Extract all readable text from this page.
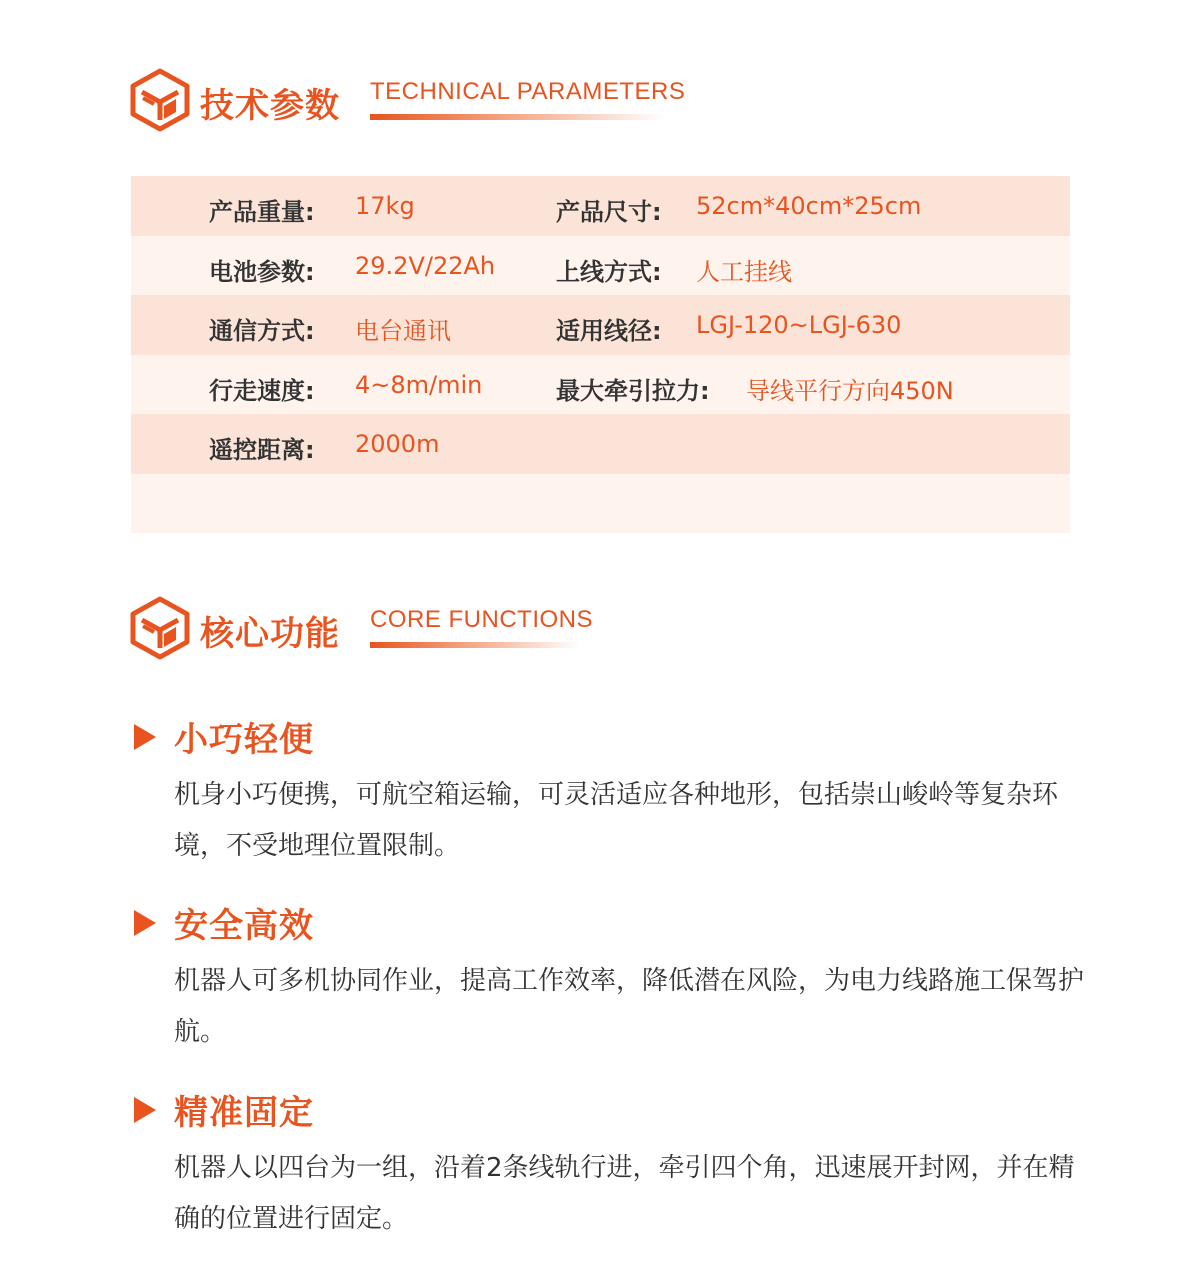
技术参数 TECHNICAL PARAMETERS
产品重量: 17kg	产品尺寸: 52cm*40cm*25cm
电池参数: 29.2V/22Ah	上线方式: 人工挂线
通信方式: 电台通讯	适用线径: LGJ-120~LGJ-630
行走速度: 4~8m/min	最大牵引拉力: 导线平行方向450N
遥控距离: 2000m
核心功能 CORE FUNCTIONS
小巧轻便
机身小巧便携，可航空箱运输，可灵活适应各种地形，包括崇山峻岭等复杂环境，不受地理位置限制。
安全高效
机器人可多机协同作业，提高工作效率，降低潜在风险，为电力线路施工保驾护航。
精准固定
机器人以四台为一组，沿着2条线轨行进，牵引四个角，迅速展开封网，并在精确的位置进行固定。
